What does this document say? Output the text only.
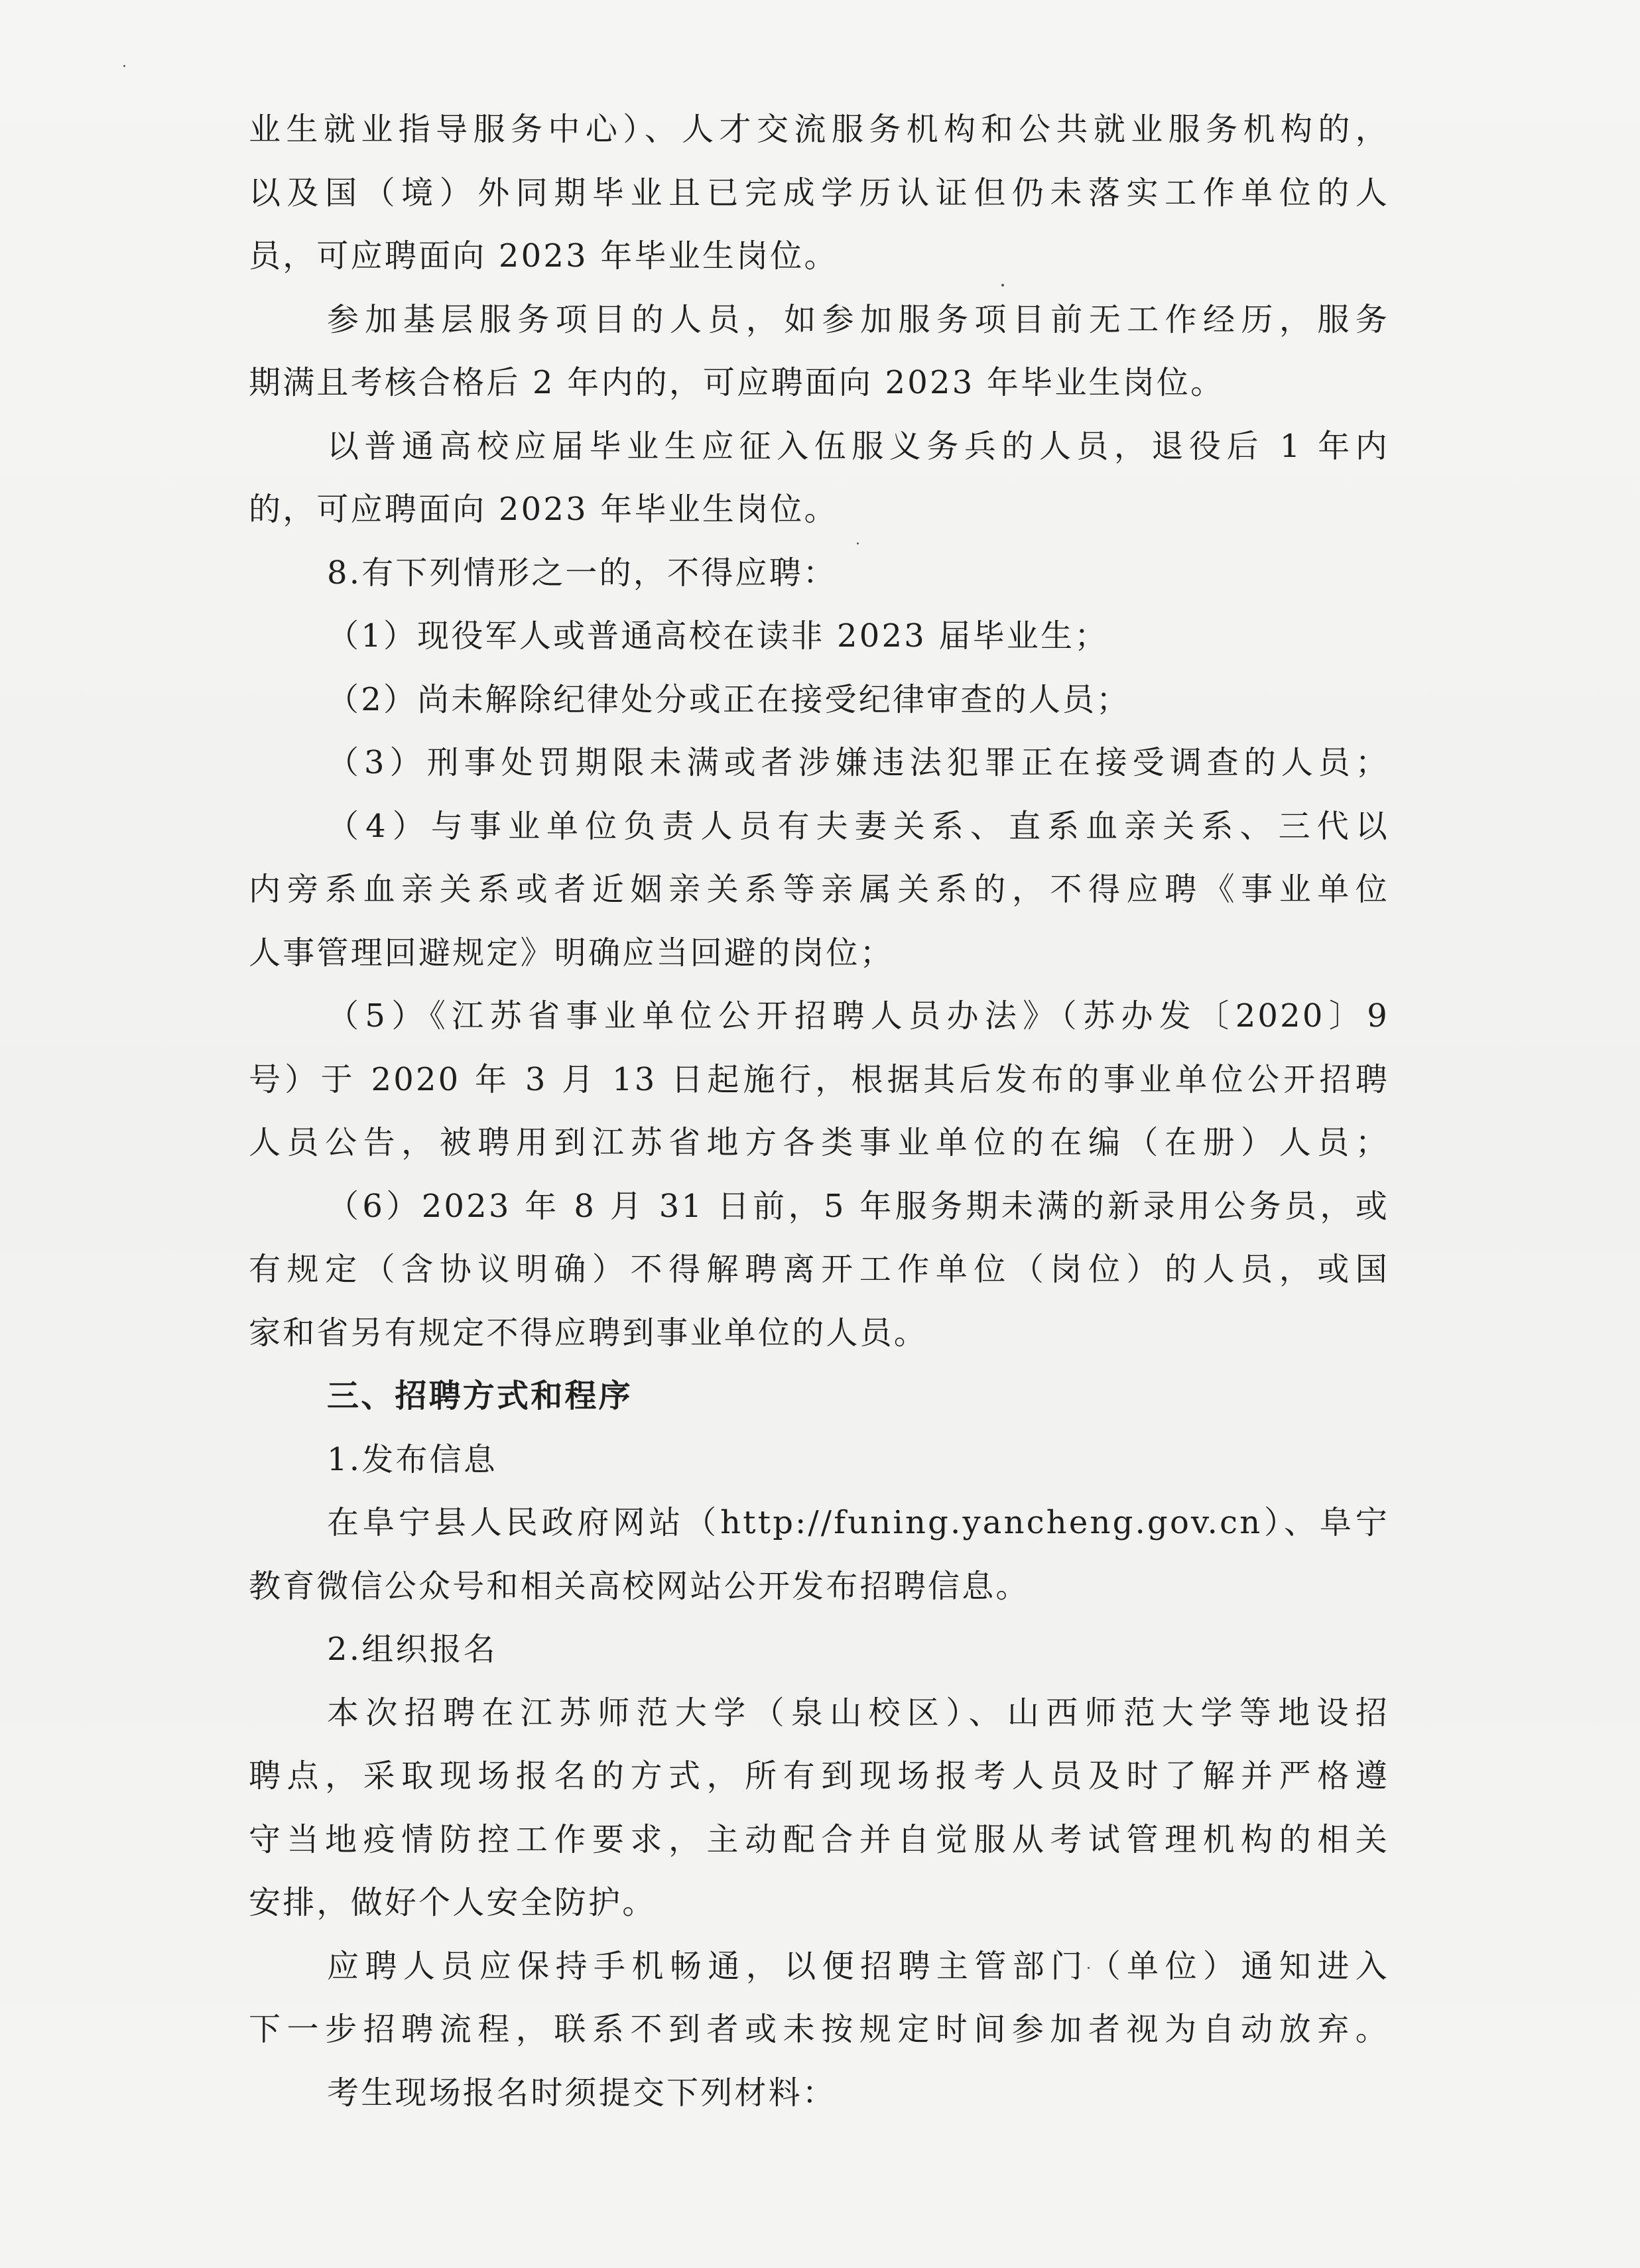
业生就业指导服务中心）、人才交流服务机构和公共就业服务机构的，
以及国（境）外同期毕业且已完成学历认证但仍未落实工作单位的人
员，可应聘面向 2023 年毕业生岗位。
参加基层服务项目的人员，如参加服务项目前无工作经历，服务
期满且考核合格后 2 年内的，可应聘面向 2023 年毕业生岗位。
以普通高校应届毕业生应征入伍服义务兵的人员，退役后 1 年内
的，可应聘面向 2023 年毕业生岗位。
8.有下列情形之一的，不得应聘：
（1）现役军人或普通高校在读非 2023 届毕业生；
（2）尚未解除纪律处分或正在接受纪律审查的人员；
（3）刑事处罚期限未满或者涉嫌违法犯罪正在接受调查的人员；
（4）与事业单位负责人员有夫妻关系、直系血亲关系、三代以
内旁系血亲关系或者近姻亲关系等亲属关系的，不得应聘《事业单位
人事管理回避规定》明确应当回避的岗位；
（5）《江苏省事业单位公开招聘人员办法》（苏办发〔2020〕9
号）于 2020 年 3 月 13 日起施行，根据其后发布的事业单位公开招聘
人员公告，被聘用到江苏省地方各类事业单位的在编（在册）人员；
（6）2023 年 8 月 31 日前，5 年服务期未满的新录用公务员，或
有规定（含协议明确）不得解聘离开工作单位（岗位）的人员，或国
家和省另有规定不得应聘到事业单位的人员。
三、招聘方式和程序
1.发布信息
在阜宁县人民政府网站（http://funing.yancheng.gov.cn）、阜宁
教育微信公众号和相关高校网站公开发布招聘信息。
2.组织报名
本次招聘在江苏师范大学（泉山校区）、山西师范大学等地设招
聘点，采取现场报名的方式，所有到现场报考人员及时了解并严格遵
守当地疫情防控工作要求，主动配合并自觉服从考试管理机构的相关
安排，做好个人安全防护。
应聘人员应保持手机畅通，以便招聘主管部门（单位）通知进入
下一步招聘流程，联系不到者或未按规定时间参加者视为自动放弃。
考生现场报名时须提交下列材料：
